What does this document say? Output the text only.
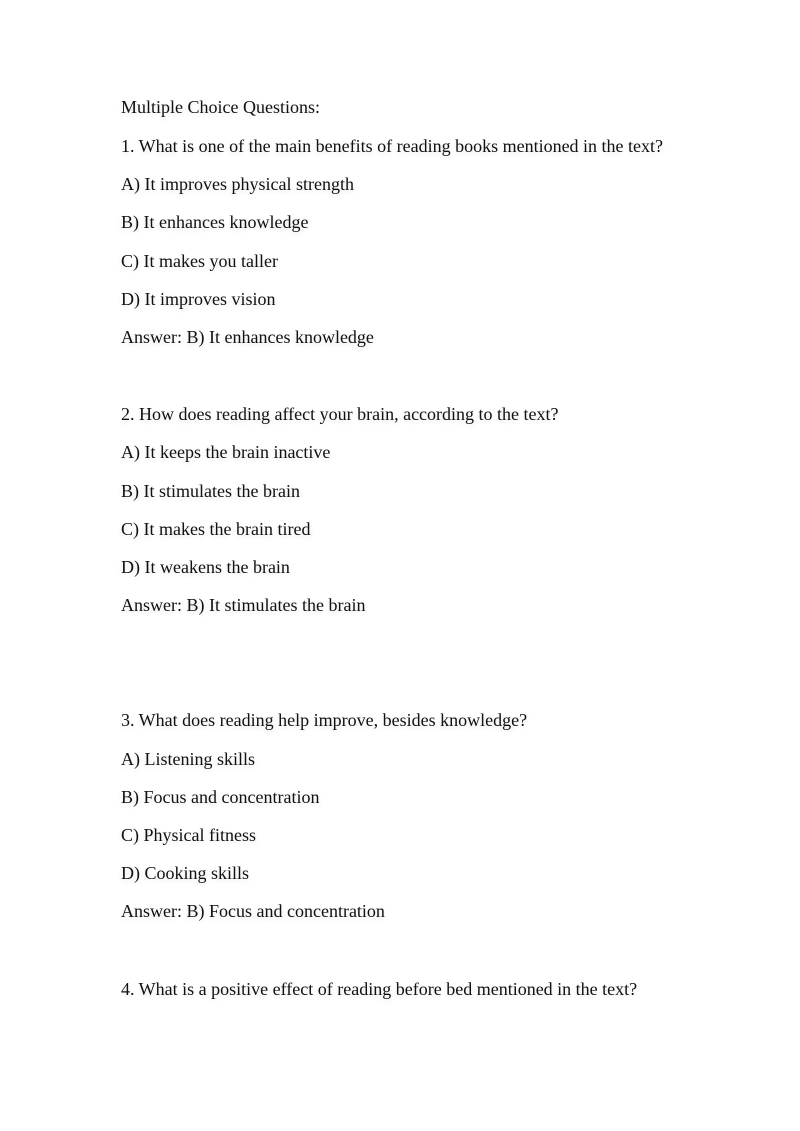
Multiple Choice Questions:
1. What is one of the main benefits of reading books mentioned in the text?
A) It improves physical strength
B) It enhances knowledge
C) It makes you taller
D) It improves vision
Answer: B) It enhances knowledge
2. How does reading affect your brain, according to the text?
A) It keeps the brain inactive
B) It stimulates the brain
C) It makes the brain tired
D) It weakens the brain
Answer: B) It stimulates the brain
3. What does reading help improve, besides knowledge?
A) Listening skills
B) Focus and concentration
C) Physical fitness
D) Cooking skills
Answer: B) Focus and concentration
4. What is a positive effect of reading before bed mentioned in the text?
